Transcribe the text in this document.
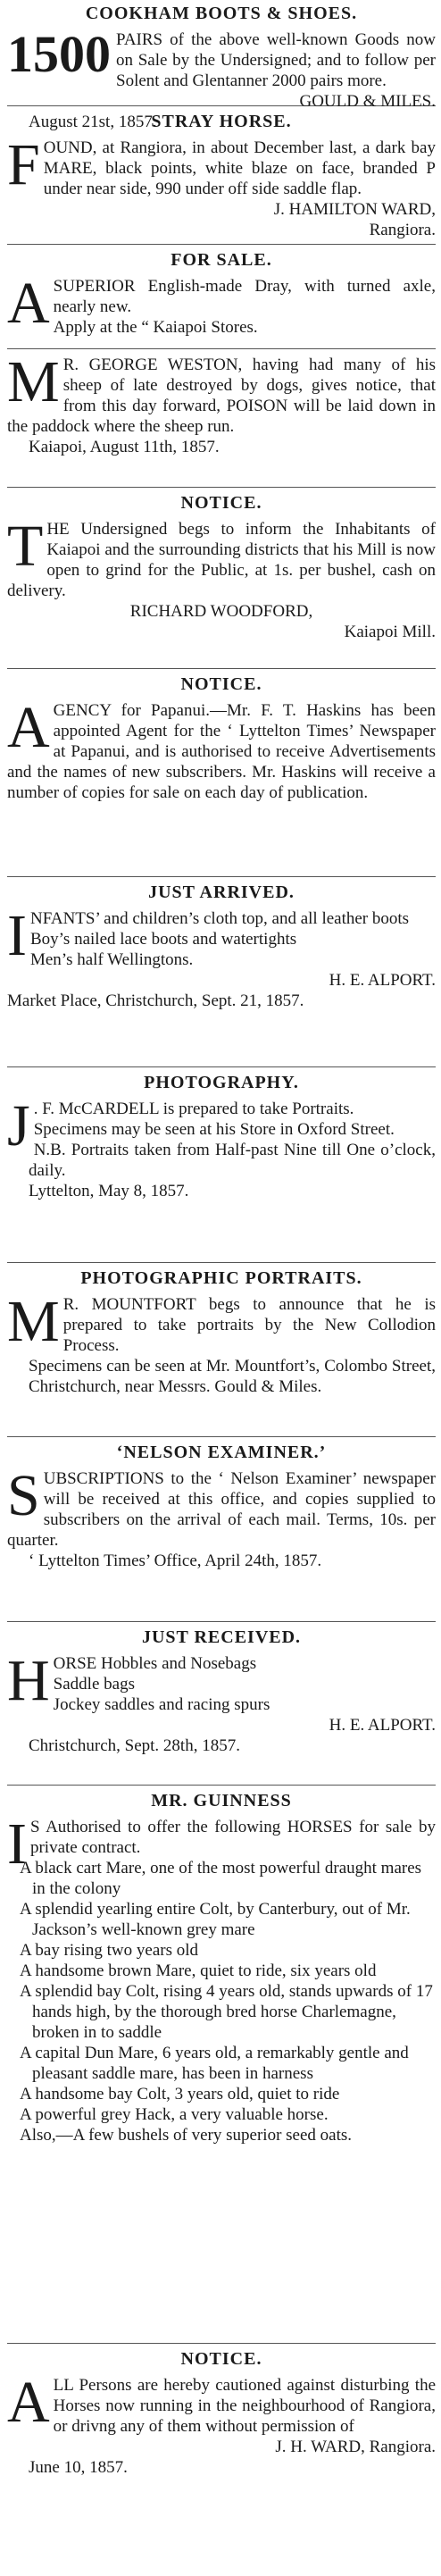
COOKHAM BOOTS & SHOES.
1500 PAIRS of the above well-known Goods now on Sale by the Undersigned; and to follow per Solent and Glentanner 2000 pairs more.

GOULD & MILES.

August 21st, 1857.

STRAY HORSE.
F OUND, at Rangiora, in about December last, a dark bay MARE, black points, white blaze on face, branded P under near side, 990 under off side saddle flap.

J. HAMILTON WARD,

Rangiora.

FOR SALE.
A SUPERIOR English-made Dray, with turned axle, nearly new.

Apply at the “ Kaiapoi Stores.

M R. GEORGE WESTON, having had many of his sheep of late destroyed by dogs, gives notice, that from this day forward, POISON will be laid down in the paddock where the sheep run.

Kaiapoi, August 11th, 1857.

NOTICE.
T HE Undersigned begs to inform the Inhabitants of Kaiapoi and the surrounding districts that his Mill is now open to grind for the Public, at 1s. per bushel, cash on delivery.

RICHARD WOODFORD,

Kaiapoi Mill.

NOTICE.
A GENCY for Papanui.—Mr. F. T. Haskins has been appointed Agent for the ‘ Lyttelton Times’ Newspaper at Papanui, and is authorised to receive Advertisements and the names of new subscribers. Mr. Haskins will receive a number of copies for sale on each day of publication.

JUST ARRIVED.
I NFANTS’ and children’s cloth top, and all leather boots

Boy’s nailed lace boots and watertights

Men’s half Wellingtons.

H. E. ALPORT.

Market Place, Christchurch, Sept. 21, 1857.

PHOTOGRAPHY.
J . F. McCARDELL is prepared to take Portraits.

Specimens may be seen at his Store in Oxford Street.

N.B. Portraits taken from Half-past Nine till One o’clock, daily.

Lyttelton, May 8, 1857.

PHOTOGRAPHIC PORTRAITS.
M R. MOUNTFORT begs to announce that he is prepared to take portraits by the New Collodion Process.

Specimens can be seen at Mr. Mountfort’s, Colombo Street, Christchurch, near Messrs. Gould & Miles.

‘NELSON EXAMINER.’
S UBSCRIPTIONS to the ‘ Nelson Examiner’ newspaper will be received at this office, and copies supplied to subscribers on the arrival of each mail. Terms, 10s. per quarter.

‘ Lyttelton Times’ Office, April 24th, 1857.

JUST RECEIVED.
H ORSE Hobbles and Nosebags

Saddle bags

Jockey saddles and racing spurs

H. E. ALPORT.

Christchurch, Sept. 28th, 1857.

MR. GUINNESS
I S Authorised to offer the following HORSES for sale by private contract.

A black cart Mare, one of the most powerful draught mares in the colony

A splendid yearling entire Colt, by Canterbury, out of Mr. Jackson’s well-known grey mare

A bay rising two years old

A handsome brown Mare, quiet to ride, six years old

A splendid bay Colt, rising 4 years old, stands upwards of 17 hands high, by the thorough bred horse Charlemagne, broken in to saddle

A capital Dun Mare, 6 years old, a remarkably gentle and pleasant saddle mare, has been in harness

A handsome bay Colt, 3 years old, quiet to ride

A powerful grey Hack, a very valuable horse.

Also,—A few bushels of very superior seed oats.

NOTICE.
A LL Persons are hereby cautioned against disturbing the Horses now running in the neighbourhood of Rangiora, or drivng any of them without permission of

J. H. WARD, Rangiora.

June 10, 1857.
